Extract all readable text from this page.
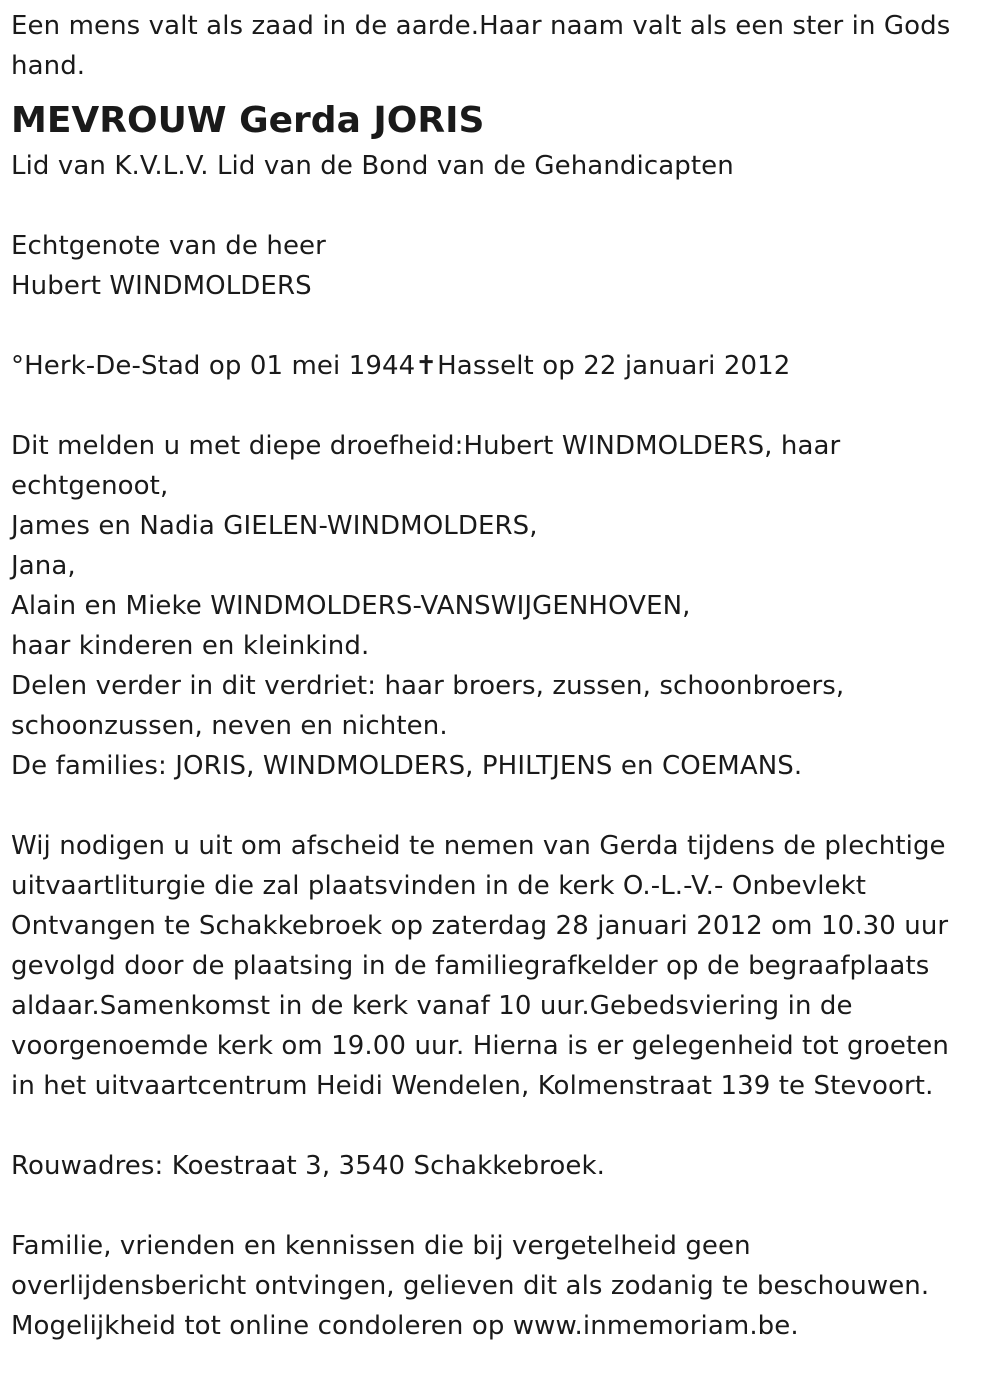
Een mens valt als zaad in de aarde.Haar naam valt als een ster in Gods

hand.

MEVROUW Gerda JORIS

Lid van K.V.L.V. Lid van de Bond van de Gehandicapten

Echtgenote van de heer

Hubert WINDMOLDERS

°Herk-De-Stad op 01 mei 1944✝Hasselt op 22 januari 2012

Dit melden u met diepe droefheid:Hubert WINDMOLDERS, haar

echtgenoot,

James en Nadia GIELEN-WINDMOLDERS,

Jana,

Alain en Mieke WINDMOLDERS-VANSWIJGENHOVEN,

haar kinderen en kleinkind.

Delen verder in dit verdriet: haar broers, zussen, schoonbroers,

schoonzussen, neven en nichten.

De families: JORIS, WINDMOLDERS, PHILTJENS en COEMANS.

Wij nodigen u uit om afscheid te nemen van Gerda tijdens de plechtige

uitvaartliturgie die zal plaatsvinden in de kerk O.-L.-V.- Onbevlekt

Ontvangen te Schakkebroek op zaterdag 28 januari 2012 om 10.30 uur

gevolgd door de plaatsing in de familiegrafkelder op de begraafplaats

aldaar.Samenkomst in de kerk vanaf 10 uur.Gebedsviering in de

voorgenoemde kerk om 19.00 uur. Hierna is er gelegenheid tot groeten

in het uitvaartcentrum Heidi Wendelen, Kolmenstraat 139 te Stevoort.

Rouwadres: Koestraat 3, 3540 Schakkebroek.

Familie, vrienden en kennissen die bij vergetelheid geen

overlijdensbericht ontvingen, gelieven dit als zodanig te beschouwen.

Mogelijkheid tot online condoleren op www.inmemoriam.be.
